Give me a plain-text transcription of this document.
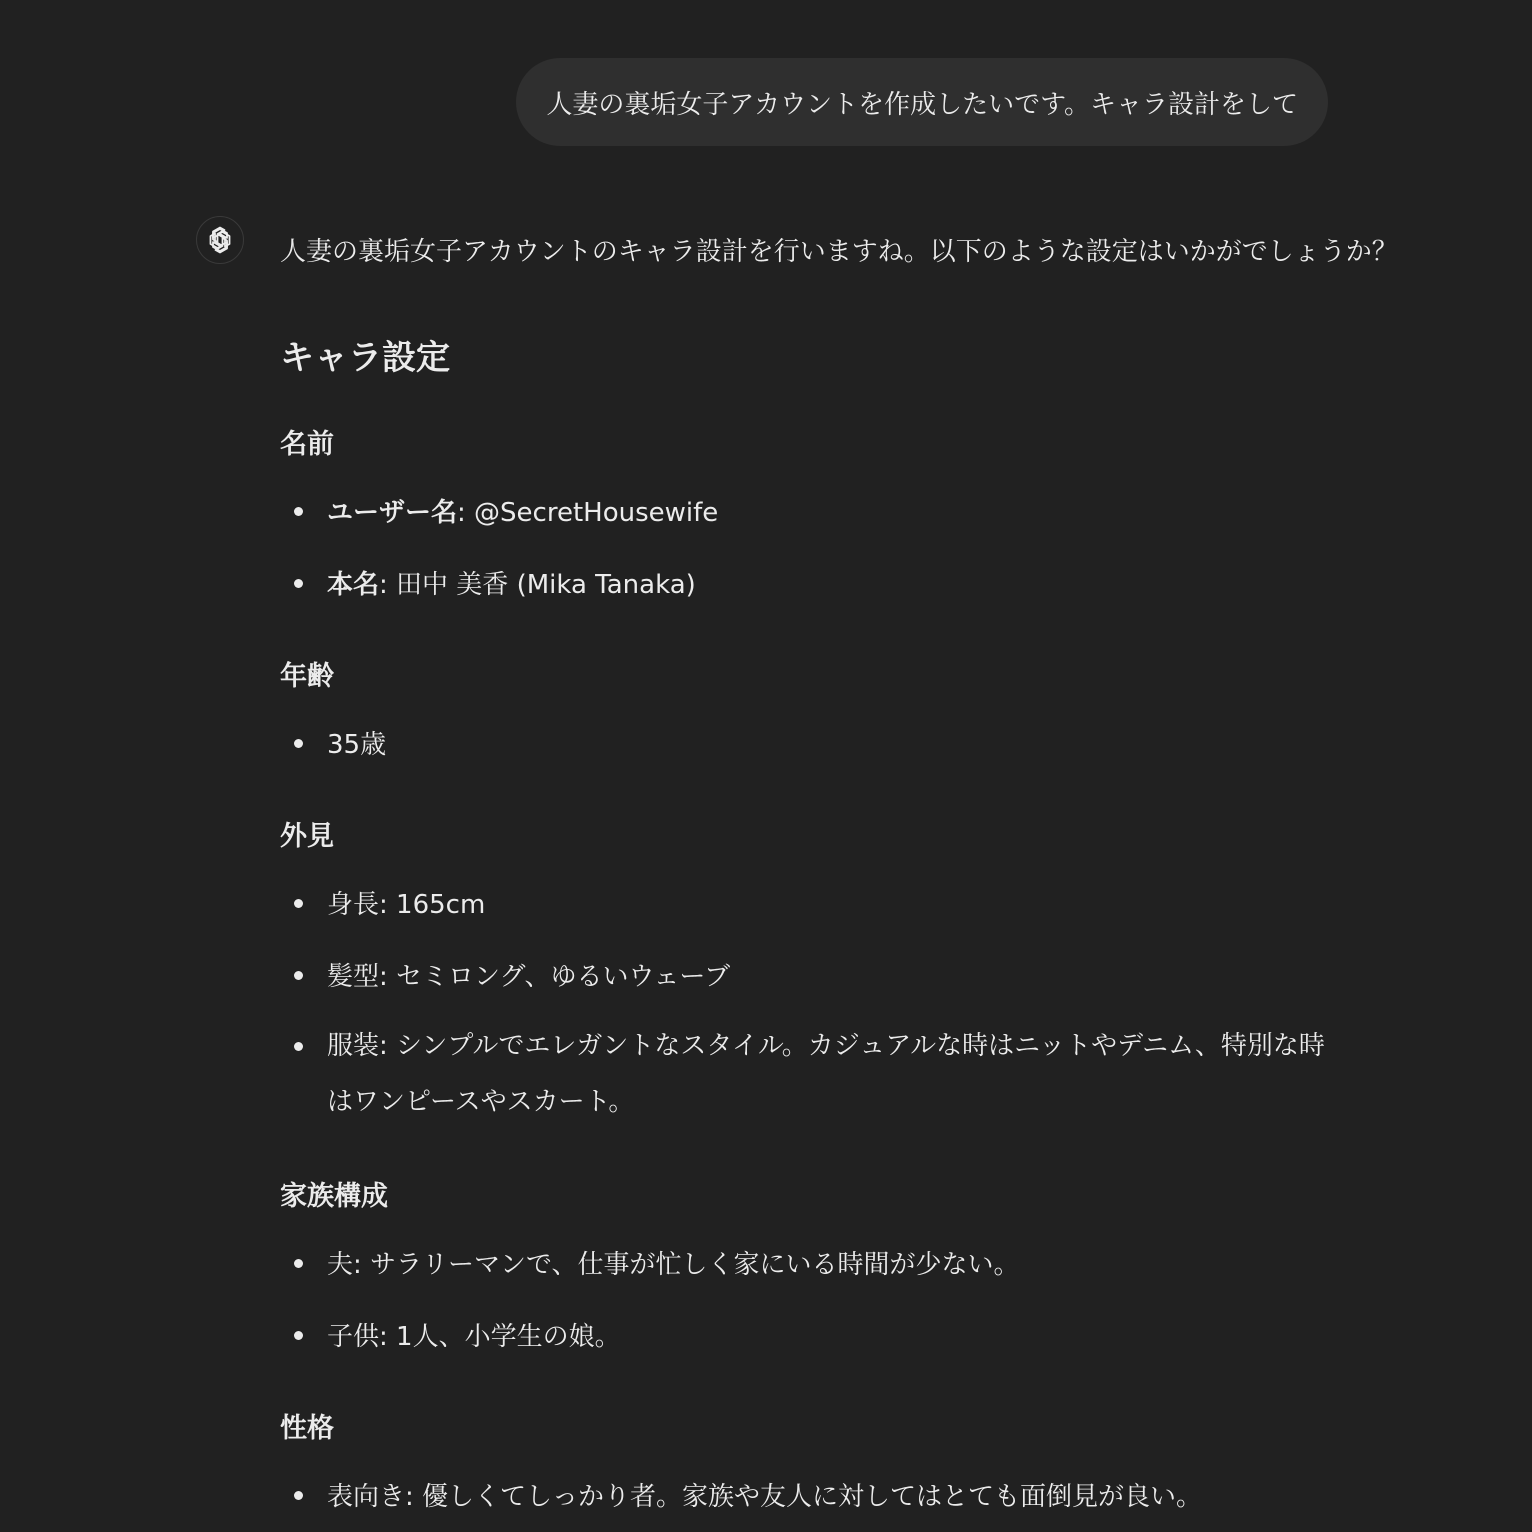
人妻の裏垢女子アカウントを作成したいです。キャラ設計をして

人妻の裏垢女子アカウントのキャラ設計を行いますね。以下のような設定はいかがでしょうか？

キャラ設定
名前
ユーザー名: @SecretHousewife
本名: 田中 美香 (Mika Tanaka)
年齢
35歳
外見
身長: 165cm
髪型: セミロング、ゆるいウェーブ
服装: シンプルでエレガントなスタイル。カジュアルな時はニットやデニム、特別な時はワンピースやスカート。
家族構成
夫: サラリーマンで、仕事が忙しく家にいる時間が少ない。
子供: 1人、小学生の娘。
性格
表向き: 優しくてしっかり者。家族や友人に対してはとても面倒見が良い。
